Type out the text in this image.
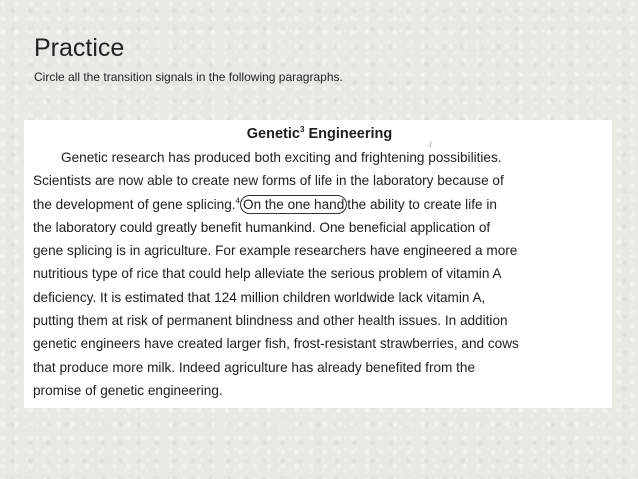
Practice
Circle all the transition signals in the following paragraphs.
J
Genetic$^3$ Engineering
Genetic research has produced both exciting and frightening possibilities.
Scientists are now able to create new forms of life in the laboratory because of
the development of gene splicing.$^4$ On the one hand the ability to create life in
the laboratory could greatly benefit humankind. One beneficial application of
gene splicing is in agriculture. For example researchers have engineered a more
nutritious type of rice that could help alleviate the serious problem of vitamin A
deficiency. It is estimated that 124 million children worldwide lack vitamin A,
putting them at risk of permanent blindness and other health issues. In addition
genetic engineers have created larger fish, frost-resistant strawberries, and cows
that produce more milk. Indeed agriculture has already benefited from the
promise of genetic engineering.
